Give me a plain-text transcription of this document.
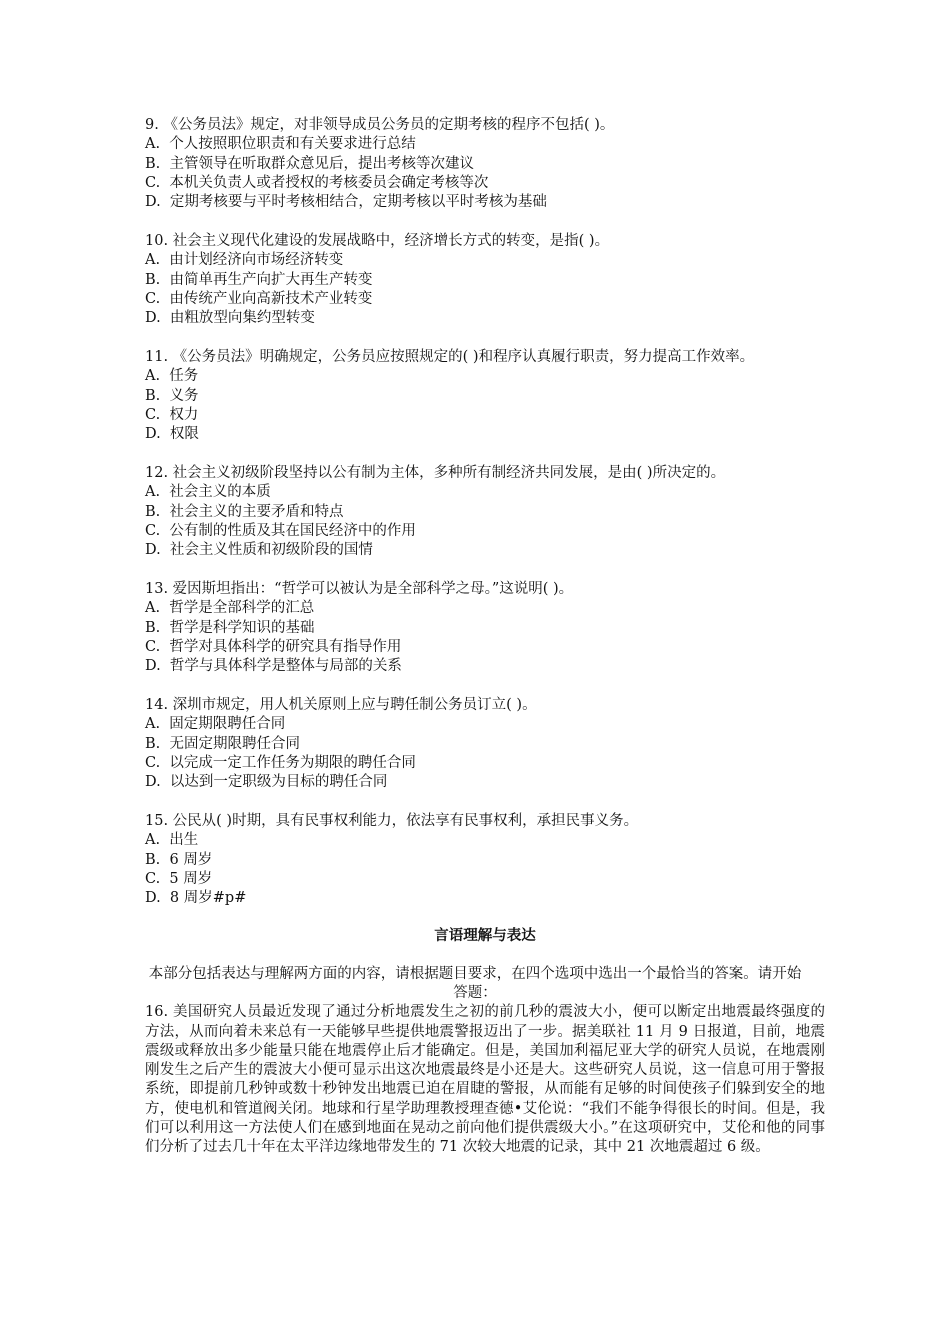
9. 《公务员法》规定，对非领导成员公务员的定期考核的程序不包括( )。
A.  个人按照职位职责和有关要求进行总结
B.  主管领导在听取群众意见后，提出考核等次建议
C.  本机关负责人或者授权的考核委员会确定考核等次
D.  定期考核要与平时考核相结合，定期考核以平时考核为基础
10. 社会主义现代化建设的发展战略中，经济增长方式的转变，是指( )。
A.  由计划经济向市场经济转变
B.  由简单再生产向扩大再生产转变
C.  由传统产业向高新技术产业转变
D.  由粗放型向集约型转变
11. 《公务员法》明确规定，公务员应按照规定的( )和程序认真履行职责，努力提高工作效率。
A.  任务
B.  义务
C.  权力
D.  权限
12. 社会主义初级阶段坚持以公有制为主体，多种所有制经济共同发展，是由( )所决定的。
A.  社会主义的本质
B.  社会主义的主要矛盾和特点
C.  公有制的性质及其在国民经济中的作用
D.  社会主义性质和初级阶段的国情
13. 爱因斯坦指出：“哲学可以被认为是全部科学之母。”这说明( )。
A.  哲学是全部科学的汇总
B.  哲学是科学知识的基础
C.  哲学对具体科学的研究具有指导作用
D.  哲学与具体科学是整体与局部的关系
14. 深圳市规定，用人机关原则上应与聘任制公务员订立( )。
A.  固定期限聘任合同
B.  无固定期限聘任合同
C.  以完成一定工作任务为期限的聘任合同
D.  以达到一定职级为目标的聘任合同
15. 公民从( )时期，具有民事权利能力，依法享有民事权利，承担民事义务。
A.  出生
B.  6 周岁
C.  5 周岁
D.  8 周岁#p#
言语理解与表达
本部分包括表达与理解两方面的内容，请根据题目要求，在四个选项中选出一个最恰当的答案。请开始答题：
16. 美国研究人员最近发现了通过分析地震发生之初的前几秒的震波大小，便可以断定出地震最终强度的方法，从而向着未来总有一天能够早些提供地震警报迈出了一步。据美联社 11 月 9 日报道，目前，地震震级或释放出多少能量只能在地震停止后才能确定。但是，美国加利福尼亚大学的研究人员说，在地震刚刚发生之后产生的震波大小便可显示出这次地震最终是小还是大。这些研究人员说，这一信息可用于警报系统，即提前几秒钟或数十秒钟发出地震已迫在眉睫的警报，从而能有足够的时间使孩子们躲到安全的地方，使电机和管道阀关闭。地球和行星学助理教授理查德•艾伦说：“我们不能争得很长的时间。但是，我们可以利用这一方法使人们在感到地面在晃动之前向他们提供震级大小。”在这项研究中，艾伦和他的同事们分析了过去几十年在太平洋边缘地带发生的 71 次较大地震的记录，其中 21 次地震超过 6 级。
